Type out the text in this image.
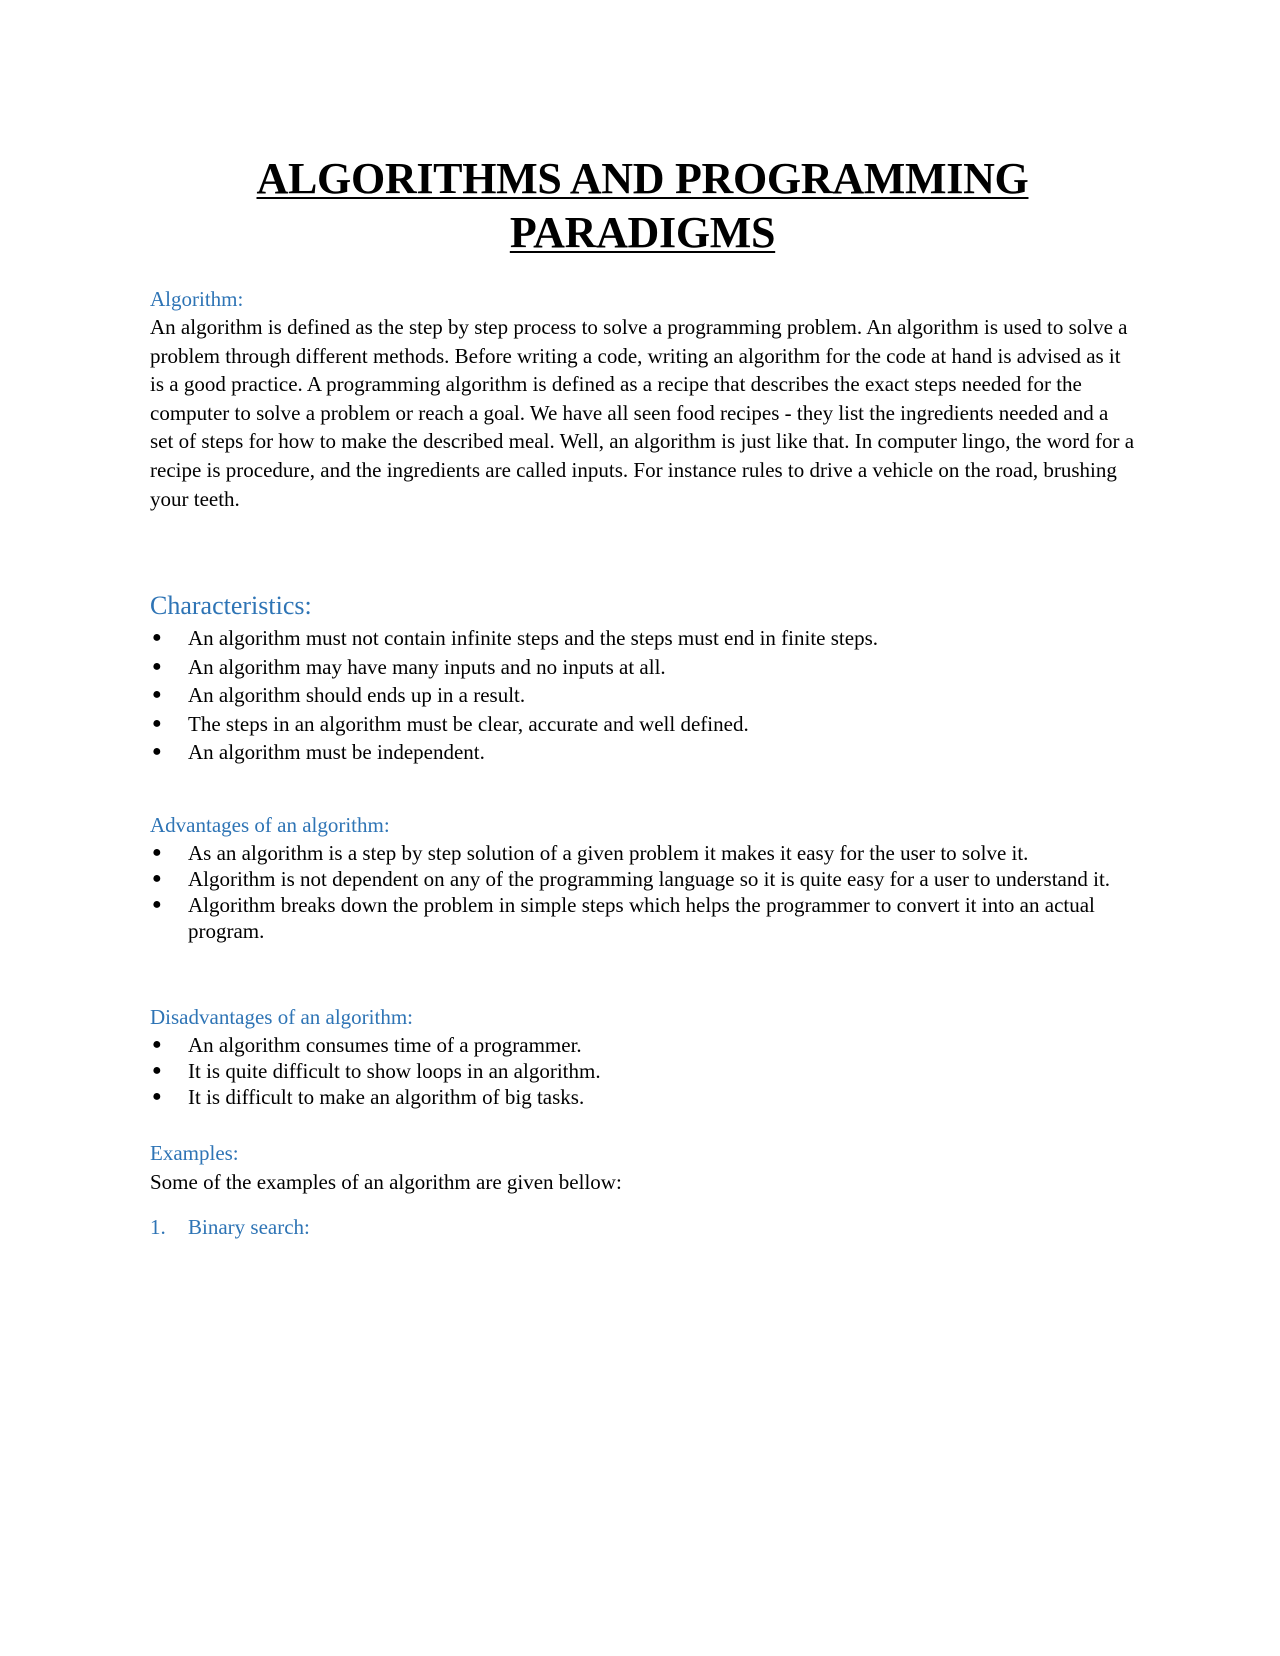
ALGORITHMS AND PROGRAMMING
PARADIGMS
Algorithm:

An algorithm is defined as the step by step process to solve a programming problem. An algorithm is used to solve a problem through different methods. Before writing a code, writing an algorithm for the code at hand is advised as it is a good practice. A programming algorithm is defined as a recipe that describes the exact steps needed for the computer to solve a problem or reach a goal. We have all seen food recipes - they list the ingredients needed and a set of steps for how to make the described meal. Well, an algorithm is just like that. In computer lingo, the word for a recipe is procedure, and the ingredients are called inputs. For instance rules to drive a vehicle on the road, brushing your teeth.

Characteristics:
● An algorithm must not contain infinite steps and the steps must end in finite steps.
● An algorithm may have many inputs and no inputs at all.
● An algorithm should ends up in a result.
● The steps in an algorithm must be clear, accurate and well defined.
● An algorithm must be independent.
Advantages of an algorithm:
● As an algorithm is a step by step solution of a given problem it makes it easy for the user to solve it.
● Algorithm is not dependent on any of the programming language so it is quite easy for a user to understand it.
● Algorithm breaks down the problem in simple steps which helps the programmer to convert it into an actual program.
Disadvantages of an algorithm:
● An algorithm consumes time of a programmer.
● It is quite difficult to show loops in an algorithm.
● It is difficult to make an algorithm of big tasks.
Examples:

Some of the examples of an algorithm are given bellow:

1. Binary search:
